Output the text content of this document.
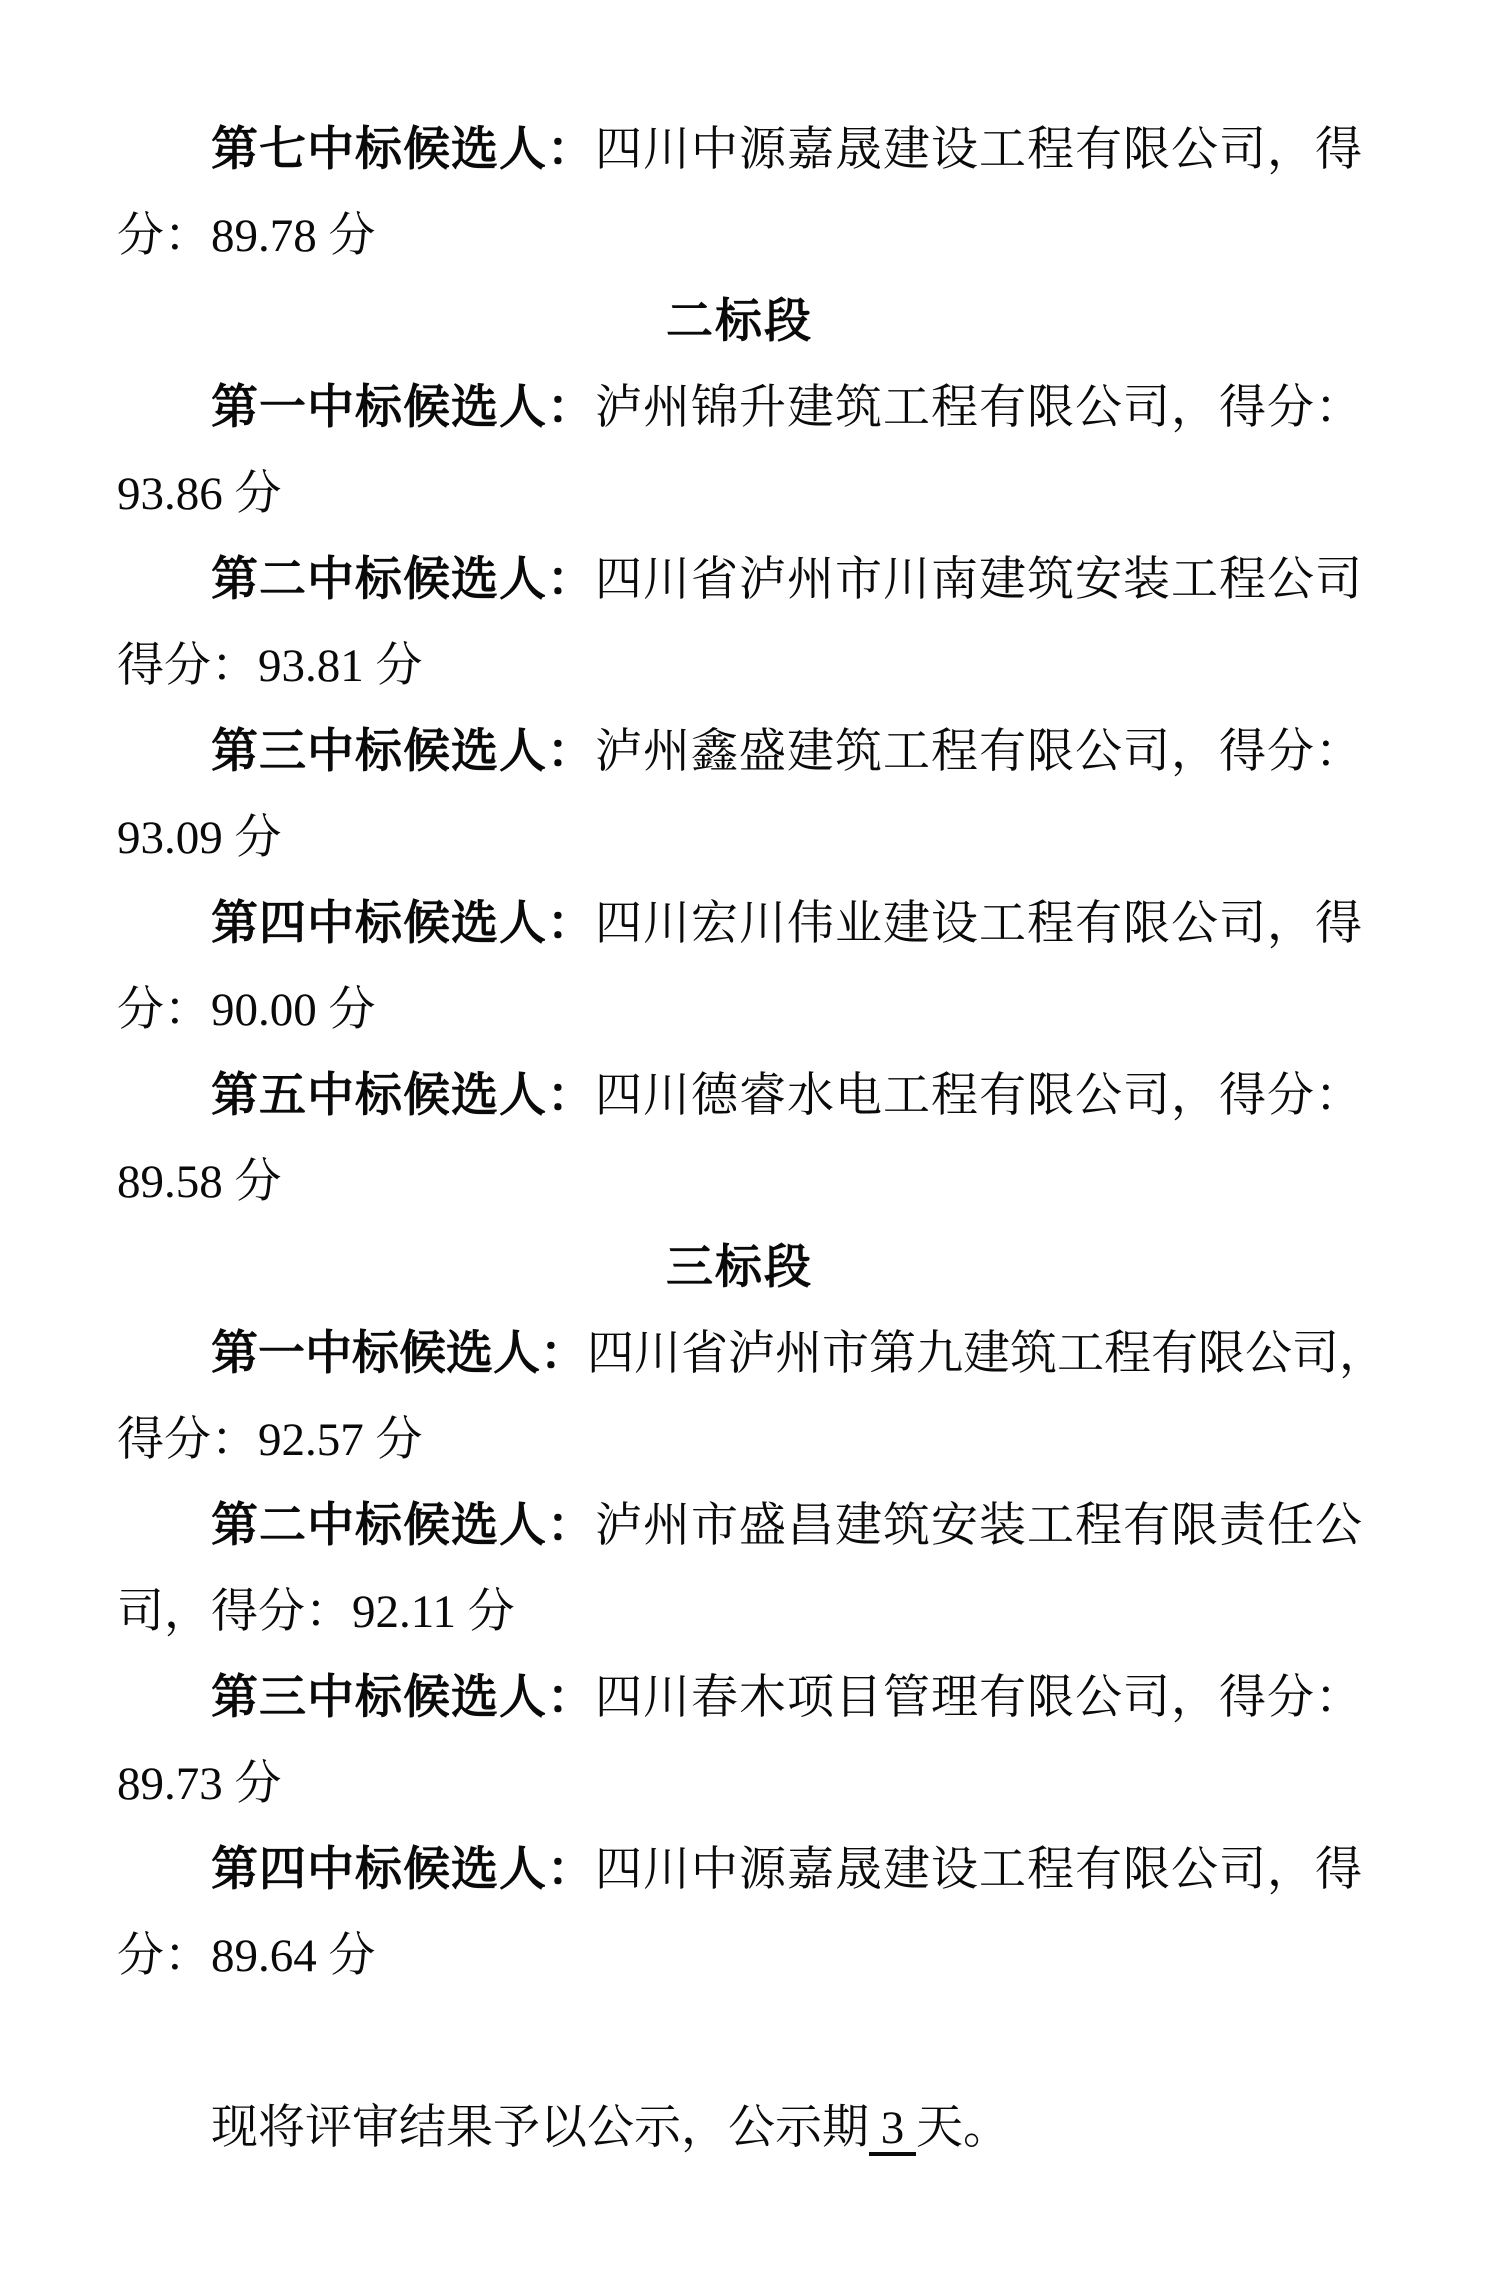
第七中标候选人：四川中源嘉晟建设工程有限公司，得
分：89.78 分
二标段
第一中标候选人：泸州锦升建筑工程有限公司，得分：
93.86 分
第二中标候选人：四川省泸州市川南建筑安装工程公司
得分：93.81 分
第三中标候选人：泸州鑫盛建筑工程有限公司，得分：
93.09 分
第四中标候选人：四川宏川伟业建设工程有限公司，得
分：90.00 分
第五中标候选人：四川德睿水电工程有限公司，得分：
89.58 分
三标段
第一中标候选人：四川省泸州市第九建筑工程有限公司，
得分：92.57 分
第二中标候选人：泸州市盛昌建筑安装工程有限责任公
司，得分：92.11 分
第三中标候选人：四川春木项目管理有限公司，得分：
89.73 分
第四中标候选人：四川中源嘉晟建设工程有限公司，得
分：89.64 分
现将评审结果予以公示，公示期 3 天。
